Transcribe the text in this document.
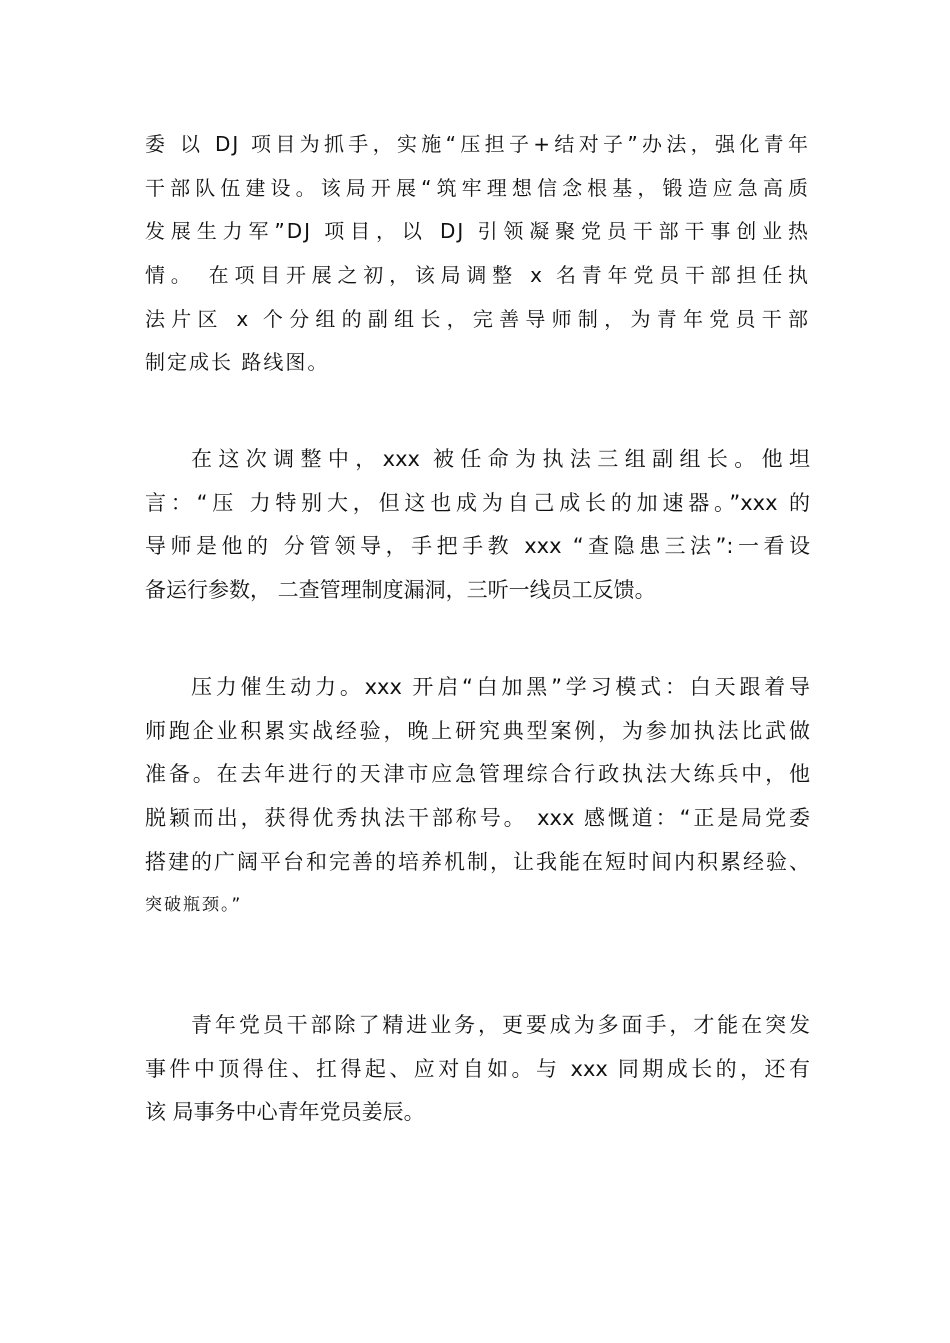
委 以 DJ 项目为抓手，实施“压担子+结对子”办法，强化青年
干部队伍建设。该局开展“筑牢理想信念根基，锻造应急高质
发展生力军”DJ 项目，以 DJ 引领凝聚党员干部干事创业热
情。 在项目开展之初，该局调整 x 名青年党员干部担任执
法片区 x 个分组的副组长，完善导师制，为青年党员干部
制定成长 路线图。
在这次调整中，xxx 被任命为执法三组副组长。他坦
言：“压 力特别大，但这也成为自己成长的加速器。”xxx 的
导师是他的 分管领导，手把手教 xxx “查隐患三法”:一看设
备运行参数， 二查管理制度漏洞，三听一线员工反馈。
压力催生动力。xxx 开启“白加黑”学习模式：白天跟着导
师跑企业积累实战经验，晚上研究典型案例，为参加执法比武做
准备。在去年进行的天津市应急管理综合行政执法大练兵中，他
脱颖而出，获得优秀执法干部称号。 xxx 感慨道：“正是局党委
搭建的广阔平台和完善的培养机制，让我能在短时间内积累经验、
突破瓶颈。”
青年党员干部除了精进业务，更要成为多面手，才能在突发
事件中顶得住、扛得起、应对自如。与 xxx 同期成长的，还有
该 局事务中心青年党员姜辰。
